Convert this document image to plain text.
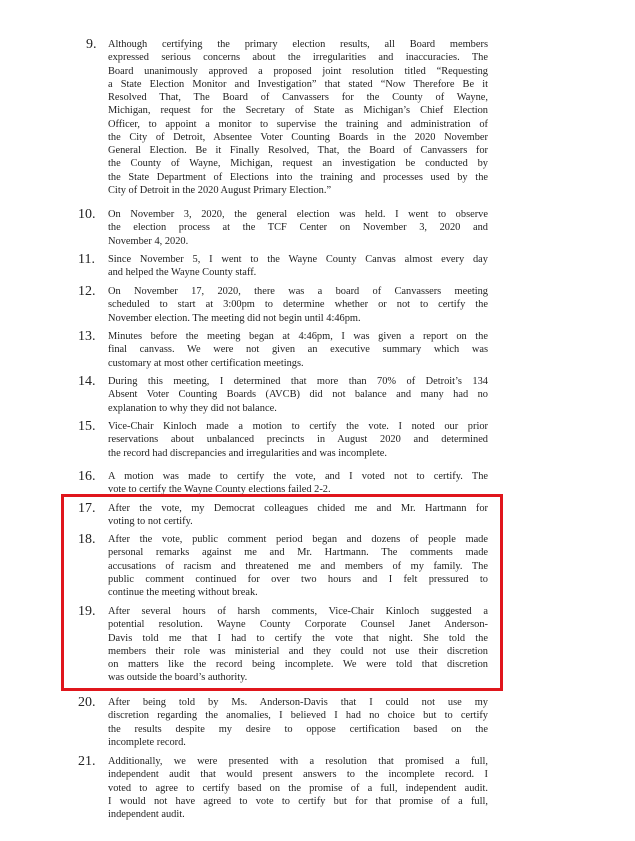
9. Although certifying the primary election results, all Board members
expressed serious concerns about the irregularities and inaccuracies. The
Board unanimously approved a proposed joint resolution titled “Requesting
a State Election Monitor and Investigation” that stated “Now Therefore Be it
Resolved That, The Board of Canvassers for the County of Wayne,
Michigan, request for the Secretary of State as Michigan’s Chief Election
Officer, to appoint a monitor to supervise the training and administration of
the City of Detroit, Absentee Voter Counting Boards in the 2020 November
General Election. Be it Finally Resolved, That, the Board of Canvassers for
the County of Wayne, Michigan, request an investigation be conducted by
the State Department of Elections into the training and processes used by the
City of Detroit in the 2020 August Primary Election.”
10. On November 3, 2020, the general election was held. I went to observe
the election process at the TCF Center on November 3, 2020 and
November 4, 2020.
11. Since November 5, I went to the Wayne County Canvas almost every day
and helped the Wayne County staff.
12. On November 17, 2020, there was a board of Canvassers meeting
scheduled to start at 3:00pm to determine whether or not to certify the
November election. The meeting did not begin until 4:46pm.
13. Minutes before the meeting began at 4:46pm, I was given a report on the
final canvass. We were not given an executive summary which was
customary at most other certification meetings.
14. During this meeting, I determined that more than 70% of Detroit’s 134
Absent Voter Counting Boards (AVCB) did not balance and many had no
explanation to why they did not balance.
15. Vice-Chair Kinloch made a motion to certify the vote. I noted our prior
reservations about unbalanced precincts in August 2020 and determined
the record had discrepancies and irregularities and was incomplete.
16. A motion was made to certify the vote, and I voted not to certify. The
vote to certify the Wayne County elections failed 2-2.
17. After the vote, my Democrat colleagues chided me and Mr. Hartmann for
voting to not certify.
18. After the vote, public comment period began and dozens of people made
personal remarks against me and Mr. Hartmann. The comments made
accusations of racism and threatened me and members of my family. The
public comment continued for over two hours and I felt pressured to
continue the meeting without break.
19. After several hours of harsh comments, Vice-Chair Kinloch suggested a
potential resolution. Wayne County Corporate Counsel Janet Anderson-
Davis told me that I had to certify the vote that night. She told the
members their role was ministerial and they could not use their discretion
on matters like the record being incomplete. We were told that discretion
was outside the board’s authority.
20. After being told by Ms. Anderson-Davis that I could not use my
discretion regarding the anomalies, I believed I had no choice but to certify
the results despite my desire to oppose certification based on the
incomplete record.
21. Additionally, we were presented with a resolution that promised a full,
independent audit that would present answers to the incomplete record. I
voted to agree to certify based on the promise of a full, independent audit.
I would not have agreed to vote to certify but for that promise of a full,
independent audit.
